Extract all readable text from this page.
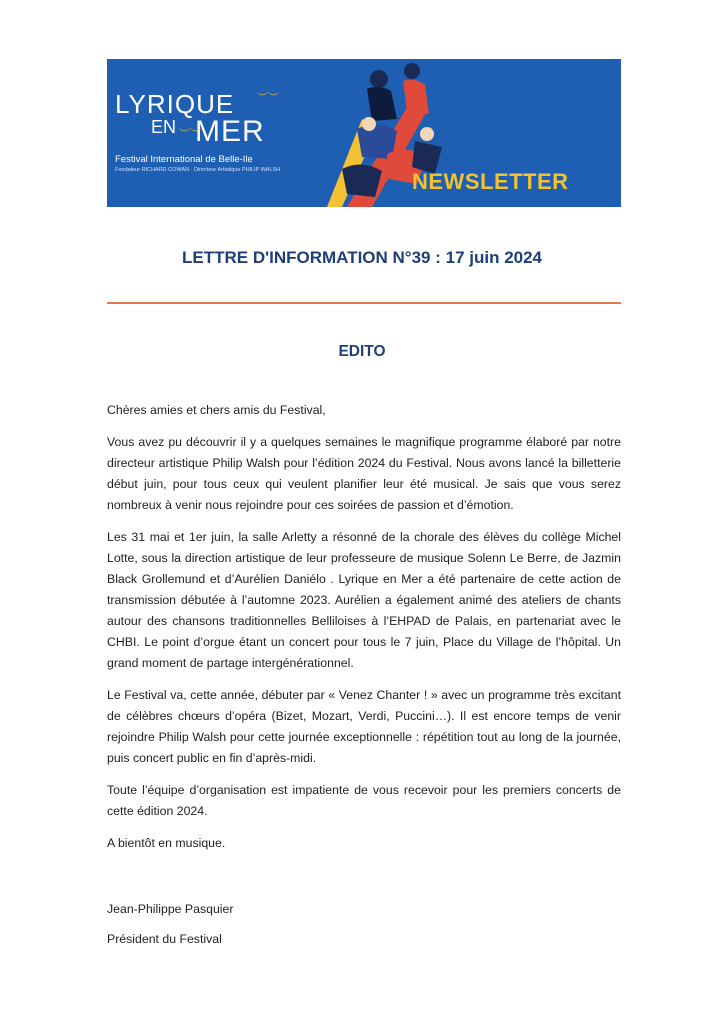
LYRIQUE
EN MER
︶︶
︶︶
Festival International de Belle-Ile
Fondateur RICHARD COWAN · Directeur Artistique PHILIP WALSH	NEWSLETTER
LETTRE D'INFORMATION N°39 : 17 juin 2024
EDITO

Chères amies et chers amis du Festival,

Vous avez pu découvrir il y a quelques semaines le magnifique programme élaboré par notre directeur artistique Philip Walsh pour l’édition 2024 du Festival. Nous avons lancé la billetterie début juin, pour tous ceux qui veulent planifier leur été musical. Je sais que vous serez nombreux à venir nous rejoindre pour ces soirées de passion et d’émotion.

Les 31 mai et 1er juin, la salle Arletty a résonné de la chorale des élèves du collège Michel Lotte, sous la direction artistique de leur professeure de musique Solenn Le Berre, de Jazmin Black Grollemund et d’Aurélien Daniélo . Lyrique en Mer a été partenaire de cette action de transmission débutée à l’automne 2023. Aurélien a également animé des ateliers de chants autour des chansons traditionnelles Belliloises à l’EHPAD de Palais, en partenariat avec le CHBI. Le point d’orgue étant un concert pour tous le 7 juin, Place du Village de l’hôpital. Un grand moment de partage intergénérationnel.

Le Festival va, cette année, débuter par « Venez Chanter ! » avec un programme très excitant de célèbres chœurs d’opéra (Bizet, Mozart, Verdi, Puccini…). Il est encore temps de venir rejoindre Philip Walsh pour cette journée exceptionnelle : répétition tout au long de la journée, puis concert public en fin d’après-midi.

Toute l’équipe d’organisation est impatiente de vous recevoir pour les premiers concerts de cette édition 2024.

A bientôt en musique.

Jean-Philippe Pasquier
Président du Festival
